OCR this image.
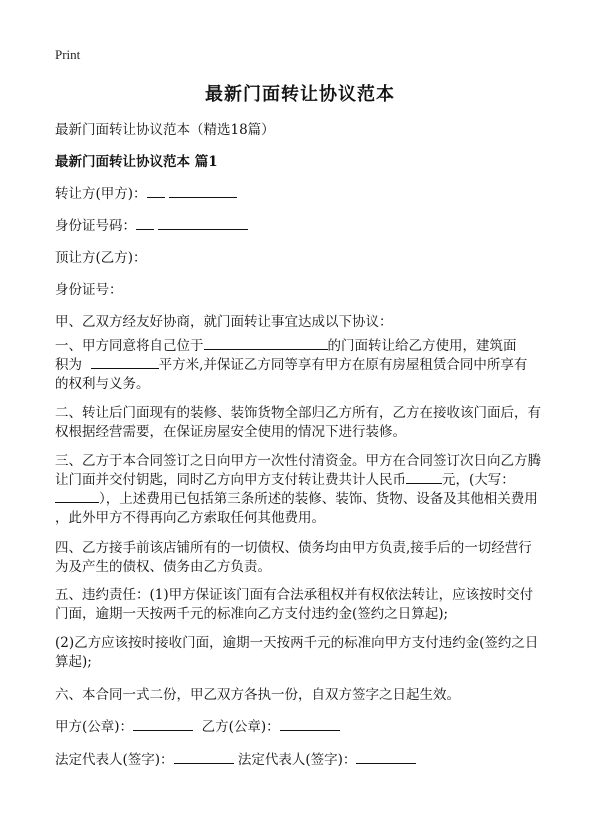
Print
最新门面转让协议范本
最新门面转让协议范本（精选18篇）
最新门面转让协议范本 篇1
转让方(甲方)：
身份证号码：
顶让方(乙方)：
身份证号：
甲、乙双方经友好协商，就门面转让事宜达成以下协议：
一、甲方同意将自己位于	的门面转让给乙方使用，建筑面
积为	平方米,并保证乙方同等享有甲方在原有房屋租赁合同中所享有
的权利与义务。
二、转让后门面现有的装修、装饰货物全部归乙方所有，乙方在接收该门面后，有
权根据经营需要，在保证房屋安全使用的情况下进行装修。
三、乙方于本合同签订之日向甲方一次性付清资金。甲方在合同签订次日向乙方腾
让门面并交付钥匙，同时乙方向甲方支付转让费共计人民币	元，(大写：
），上述费用已包括第三条所述的装修、装饰、货物、设备及其他相关费用
，此外甲方不得再向乙方索取任何其他费用。
四、乙方接手前该店铺所有的一切债权、债务均由甲方负责,接手后的一切经营行
为及产生的债权、债务由乙方负责。
五、违约责任：(1)甲方保证该门面有合法承租权并有权依法转让，应该按时交付
门面，逾期一天按两千元的标准向乙方支付违约金(签约之日算起);
(2)乙方应该按时接收门面，逾期一天按两千元的标准向甲方支付违约金(签约之日
算起);
六、本合同一式二份，甲乙双方各执一份，自双方签字之日起生效。
甲方(公章)：	乙方(公章)：
法定代表人(签字)：	法定代表人(签字)：
